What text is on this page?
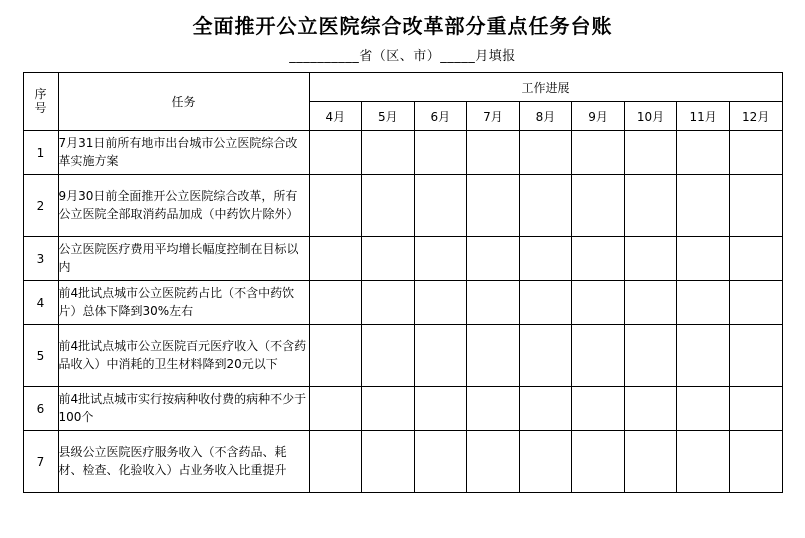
全面推开公立医院综合改革部分重点任务台账
__________省（区、市）_____月填报
序
号	任务	工作进展								
		4月	5月	6月	7月	8月	9月	10月	11月	12月
1	7月31日前所有地市出台城市公立医院综合改革实施方案									
2	9月30日前全面推开公立医院综合改革，所有公立医院全部取消药品加成（中药饮片除外）									
3	公立医院医疗费用平均增长幅度控制在目标以内									
4	前4批试点城市公立医院药占比（不含中药饮片）总体下降到30%左右									
5	前4批试点城市公立医院百元医疗收入（不含药品收入）中消耗的卫生材料降到20元以下									
6	前4批试点城市实行按病种收付费的病种不少于100个									
7	县级公立医院医疗服务收入（不含药品、耗材、检查、化验收入）占业务收入比重提升									
